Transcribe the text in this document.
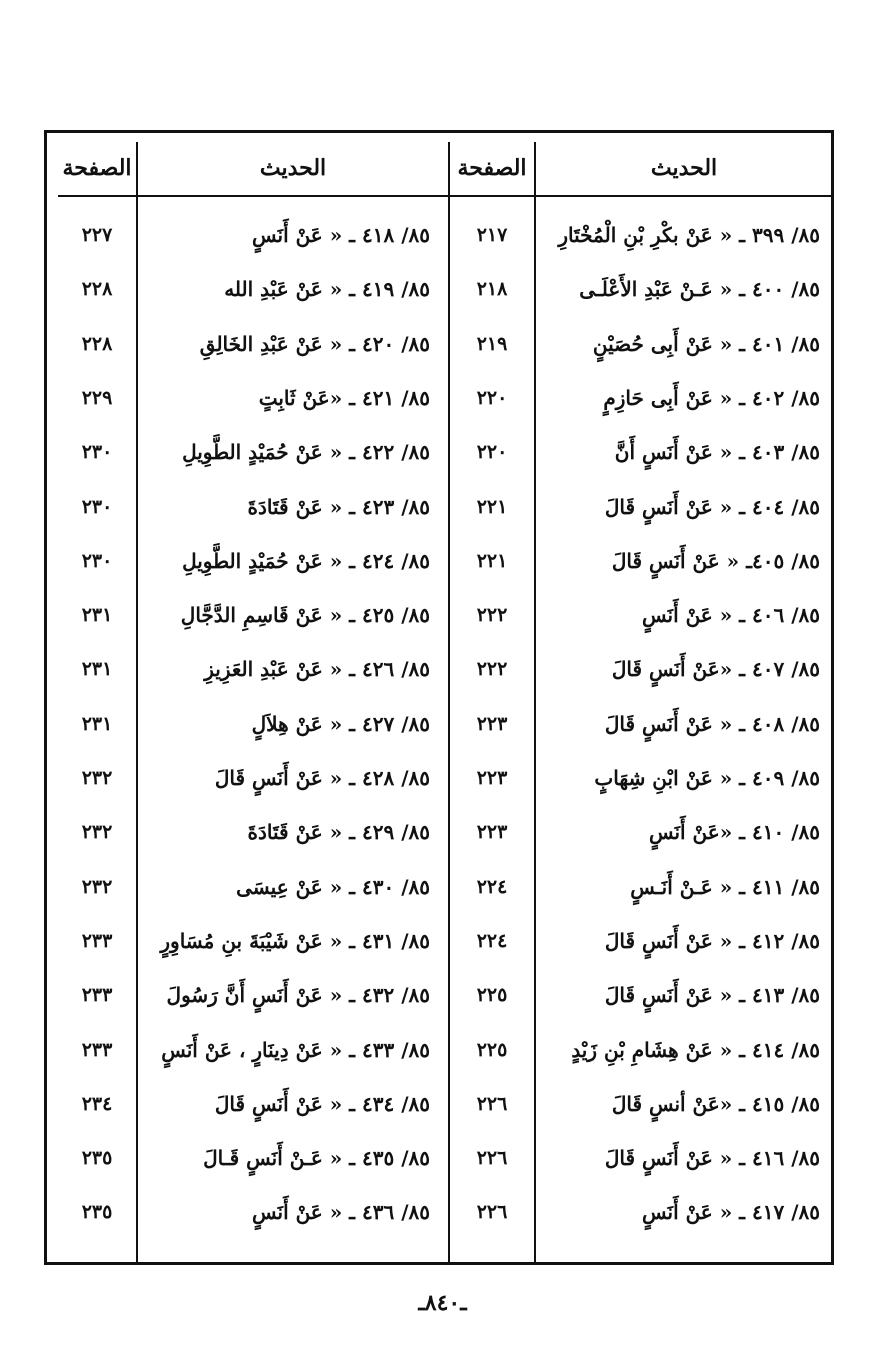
الحديث
الصفحة
الحديث
الصفحة
٨٥/ ٣٩٩ ـ « عَنْ بكْرِ بْنِ الْمُخْتَارِ
٢١٧
٨٥/ ٤٠٠ ـ « عَـنْ عَبْدِ الأَعْلَـى
٢١٨
٨٥/ ٤٠١ ـ « عَنْ أَبِى حُصَيْنٍ
٢١٩
٨٥/ ٤٠٢ ـ « عَنْ أَبِى حَازِمٍ
٢٢٠
٨٥/ ٤٠٣ ـ « عَنْ أَنَسٍ أَنَّ
٢٢٠
٨٥/ ٤٠٤ ـ « عَنْ أَنَسٍ قَالَ
٢٢١
٨٥/ ٤٠٥ـ « عَنْ أَنَسٍ قَالَ
٢٢١
٨٥/ ٤٠٦ ـ « عَنْ أَنَسٍ
٢٢٢
٨٥/ ٤٠٧ ـ «عَنْ أَنَسٍ قَالَ
٢٢٢
٨٥/ ٤٠٨ ـ « عَنْ أَنَسٍ قَالَ
٢٢٣
٨٥/ ٤٠٩ ـ « عَنْ ابْنِ شِهَابٍ
٢٢٣
٨٥/ ٤١٠ ـ «عَنْ أَنَسٍ
٢٢٣
٨٥/ ٤١١ ـ « عَـنْ أَنَـسٍ
٢٢٤
٨٥/ ٤١٢ ـ « عَنْ أَنَسٍ قَالَ
٢٢٤
٨٥/ ٤١٣ ـ « عَنْ أَنَسٍ قَالَ
٢٢٥
٨٥/ ٤١٤ ـ « عَنْ هِشَامِ بْنِ زَيْدٍ
٢٢٥
٨٥/ ٤١٥ ـ «عَنْ أنسٍ قَالَ
٢٢٦
٨٥/ ٤١٦ ـ « عَنْ أَنَسٍ قَالَ
٢٢٦
٨٥/ ٤١٧ ـ « عَنْ أَنَسٍ
٢٢٦
٨٥/ ٤١٨ ـ « عَنْ أَنَسٍ
٢٢٧
٨٥/ ٤١٩ ـ « عَنْ عَبْدِ الله
٢٢٨
٨٥/ ٤٢٠ ـ « عَنْ عَبْدِ الخَالِقِ
٢٢٨
٨٥/ ٤٢١ ـ «عَنْ ثَابِتٍ
٢٢٩
٨٥/ ٤٢٢ ـ « عَنْ حُمَيْدٍ الطَّوِيلِ
٢٣٠
٨٥/ ٤٢٣ ـ « عَنْ قَتَادَةَ
٢٣٠
٨٥/ ٤٢٤ ـ « عَنْ حُمَيْدٍ الطَّوِيلِ
٢٣٠
٨٥/ ٤٢٥ ـ « عَنْ قَاسِمِ الدَّجَّالِ
٢٣١
٨٥/ ٤٢٦ ـ « عَنْ عَبْدِ العَزِيزِ
٢٣١
٨٥/ ٤٢٧ ـ « عَنْ هِلاَلٍ
٢٣١
٨٥/ ٤٢٨ ـ « عَنْ أَنَسٍ قَالَ
٢٣٢
٨٥/ ٤٢٩ ـ « عَنْ قَتَادَةَ
٢٣٢
٨٥/ ٤٣٠ ـ « عَنْ عِيسَى
٢٣٢
٨٥/ ٤٣١ ـ « عَنْ شَيْبَةَ بنِ مُسَاوِرٍ
٢٣٣
٨٥/ ٤٣٢ ـ « عَنْ أَنَسٍ أَنَّ رَسُولَ
٢٣٣
٨٥/ ٤٣٣ ـ « عَنْ دِينَارٍ ، عَنْ أَنَسٍ
٢٣٣
٨٥/ ٤٣٤ ـ « عَنْ أَنَسٍ قَالَ
٢٣٤
٨٥/ ٤٣٥ ـ « عَـنْ أَنَسٍ قَـالَ
٢٣٥
٨٥/ ٤٣٦ ـ « عَنْ أَنَسٍ
٢٣٥
ـ٨٤٠ـ
